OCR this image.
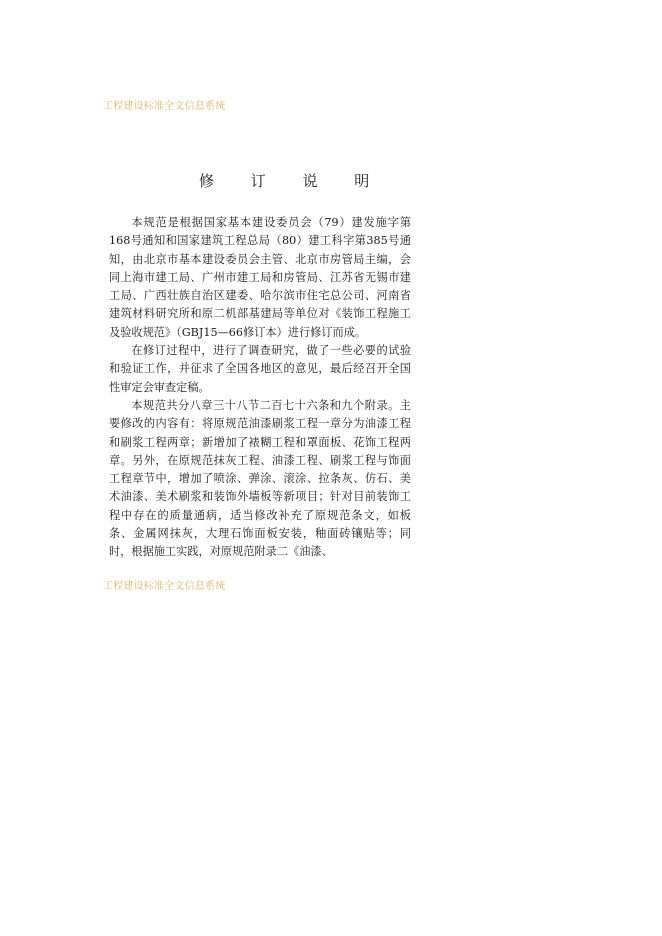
工程建设标准全文信息系统
修 订 说 明

本规范是根据国家基本建设委员会（79）建发施字第168号通知和国家建筑工程总局（80）建工科字第385号通知，由北京市基本建设委员会主管、北京市房管局主编，会同上海市建工局、广州市建工局和房管局、江苏省无锡市建工局、广西壮族自治区建委、哈尔滨市住宅总公司、河南省建筑材料研究所和原二机部基建局等单位对《装饰工程施工及验收规范》（GBJ15—66修订本）进行修订而成。

在修订过程中，进行了调查研究，做了一些必要的试验和验证工作，并征求了全国各地区的意见，最后经召开全国性审定会审查定稿。

本规范共分八章三十八节二百七十六条和九个附录。主要修改的内容有：将原规范油漆刷浆工程一章分为油漆工程和刷浆工程两章；新增加了裱糊工程和罩面板、花饰工程两章。另外，在原规范抹灰工程、油漆工程、刷浆工程与饰面工程章节中，增加了喷涂、弹涂、滚涂、拉条灰、仿石、美术油漆、美术刷浆和装饰外墙板等新项目；针对目前装饰工程中存在的质量通病，适当修改补充了原规范条文，如板条、金属网抹灰，大理石饰面板安装，釉面砖镶贴等；同时，根据施工实践，对原规范附录二《油漆、

工程建设标准全文信息系统
